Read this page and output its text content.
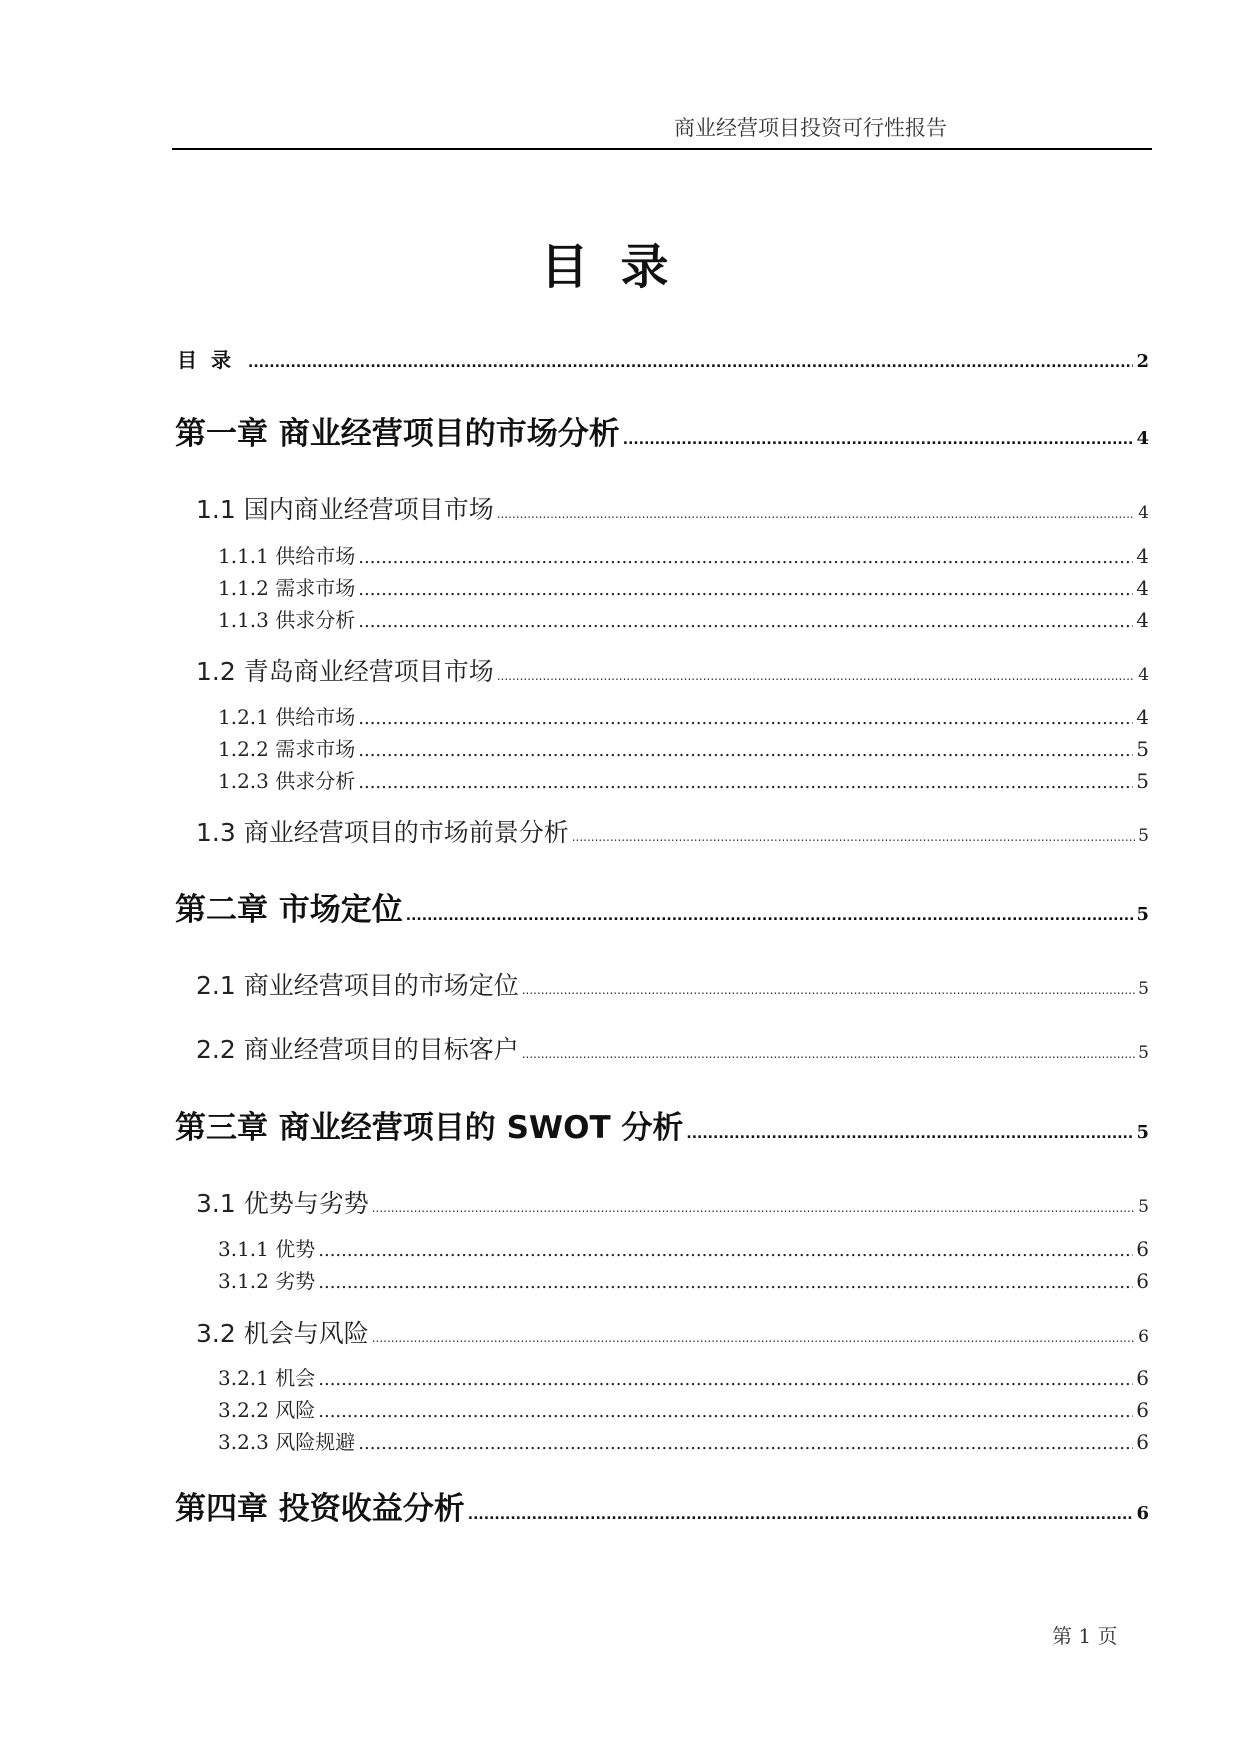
商业经营项目投资可行性报告
目录
目录 .....	2
第一章 商业经营项目的市场分析 .....	4
1.1 国内商业经营项目市场 .....	4
1.1.1 供给市场 .....	4
1.1.2 需求市场 .....	4
1.1.3 供求分析 .....	4
1.2 青岛商业经营项目市场 .....	4
1.2.1 供给市场 .....	4
1.2.2 需求市场 .....	5
1.2.3 供求分析 .....	5
1.3 商业经营项目的市场前景分析 .....	5
第二章 市场定位 .....	5
2.1 商业经营项目的市场定位 .....	5
2.2 商业经营项目的目标客户 .....	5
第三章 商业经营项目的 SWOT 分析 .....	5
3.1 优势与劣势 .....	5
3.1.1 优势 .....	6
3.1.2 劣势 .....	6
3.2 机会与风险 .....	6
3.2.1 机会 .....	6
3.2.2 风险 .....	6
3.2.3 风险规避 .....	6
第四章 投资收益分析 .....	6
第 1 页
